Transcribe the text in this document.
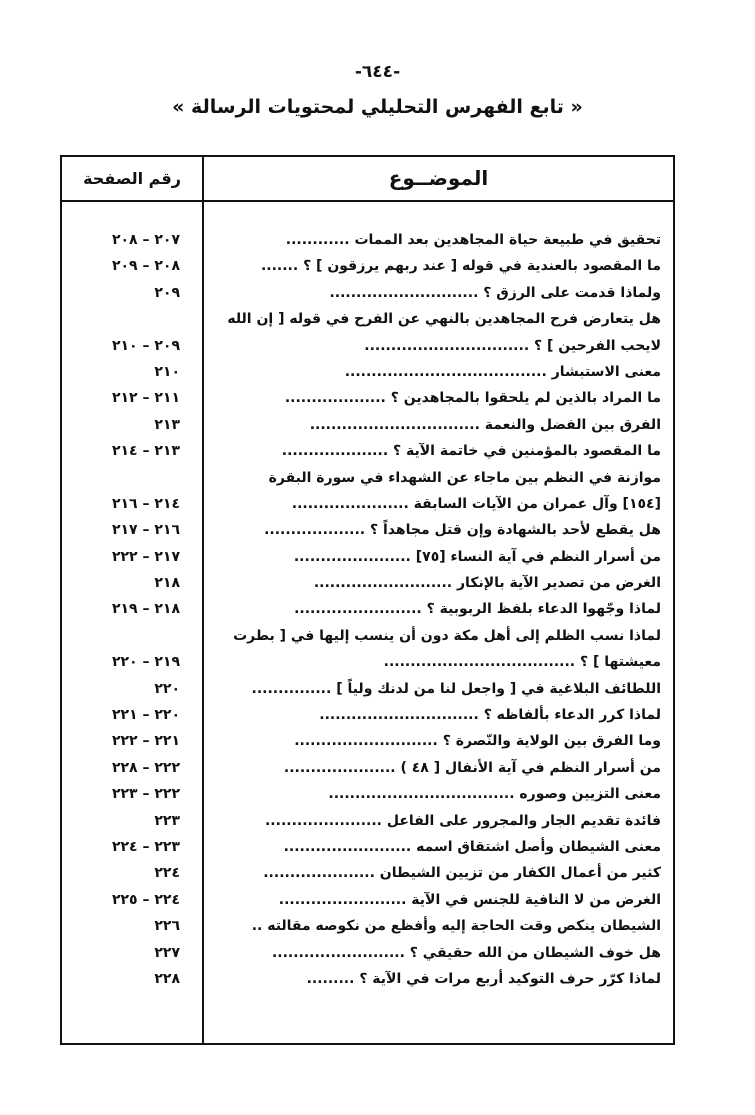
-٦٤٤-
« تابع الفهرس التحليلي لمحتويات الرسالة »
الموضــوع
رقم الصفحة
تحقيق في طبيعة حياة المجاهدين بعد الممات ............
٢٠٧ – ٢٠٨
ما المقصود بالعندية في قوله [ عند ربهم يرزقون ] ؟ .......
٢٠٨ – ٢٠٩
ولماذا قدمت على الرزق ؟ ............................
٢٠٩
هل يتعارض فرح المجاهدين بالنهي عن الفرح في قوله [ إن الله
لايحب الفرحين ] ؟ ...............................
٢٠٩ – ٢١٠
معنى الاستبشار ......................................
٢١٠
ما المراد بالذين لم يلحقوا بالمجاهدين ؟ ...................
٢١١ – ٢١٢
الفرق بين الفضل والنعمة ................................
٢١٣
ما المقصود بالمؤمنين في خاتمة الآية ؟ ....................
٢١٣ – ٢١٤
موازنة في النظم بين ماجاء عن الشهداء في سورة البقرة
[١٥٤] وآل عمران من الآيات السابقة ......................
٢١٤ – ٢١٦
هل يقطع لأحد بالشهادة وإن قتل مجاهداً ؟ ...................
٢١٦ – ٢١٧
من أسرار النظم في آية النساء [٧٥] ......................
٢١٧ – ٢٢٢
الغرض من تصدير الآية بالإنكار ..........................
٢١٨
لماذا وجّهوا الدعاء بلفظ الربوبية ؟ ........................
٢١٨ – ٢١٩
لماذا نسب الظلم إلى أهل مكة دون أن ينسب إليها في [ بطرت
معيشتها ] ؟ ....................................
٢١٩ – ٢٢٠
اللطائف البلاغية في [ واجعل لنا من لدنك ولياً ] ...............
٢٢٠
لماذا كرر الدعاء بألفاظه ؟ ..............................
٢٢٠ – ٢٢١
وما الفرق بين الولاية والنّصرة ؟ ...........................
٢٢١ – ٢٢٢
من أسرار النظم في آية الأنفال [ ٤٨ ) .....................
٢٢٢ – ٢٢٨
معنى التزيين وصوره ...................................
٢٢٢ – ٢٢٣
فائدة تقديم الجار والمجرور على الفاعل ......................
٢٢٣
معنى الشيطان وأصل اشتقاق اسمه ........................
٢٢٣ – ٢٢٤
كثير من أعمال الكفار من تزيين الشيطان .....................
٢٢٤
الغرض من لا النافية للجنس في الآية ........................
٢٢٤ – ٢٢٥
الشيطان ينكص وقت الحاجة إليه وأفظع من نكوصه مقالته ..
٢٢٦
هل خوف الشيطان من الله حقيقي ؟ .........................
٢٢٧
لماذا كرّر حرف التوكيد أربع مرات في الآية ؟ .........
٢٢٨
